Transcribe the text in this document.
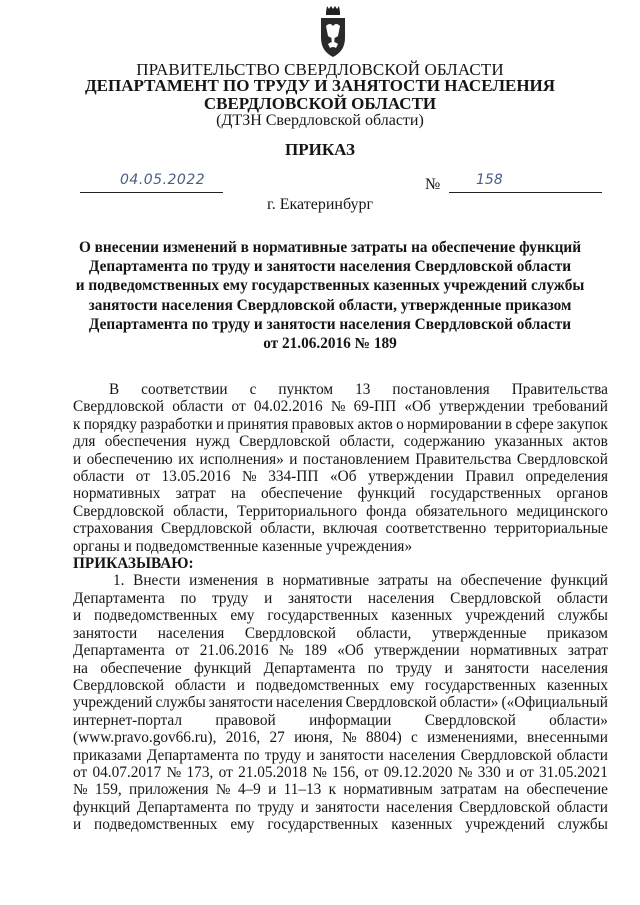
ПРАВИТЕЛЬСТВО СВЕРДЛОВСКОЙ ОБЛАСТИ
ДЕПАРТАМЕНТ ПО ТРУДУ И ЗАНЯТОСТИ НАСЕЛЕНИЯ
СВЕРДЛОВСКОЙ ОБЛАСТИ
(ДТЗН Свердловской области)
ПРИКАЗ
04.05.2022	№	158
г. Екатеринбург
О внесении изменений в нормативные затраты на обеспечение функций
Департамента по труду и занятости населения Свердловской области
и подведомственных ему государственных казенных учреждений службы
занятости населения Свердловской области, утвержденные приказом
Департамента по труду и занятости населения Свердловской области
от 21.06.2016 № 189
В соответствии с пунктом 13 постановления Правительства
Свердловской области от 04.02.2016 № 69-ПП «Об утверждении требований
к порядку разработки и принятия правовых актов о нормировании в сфере закупок
для обеспечения нужд Свердловской области, содержанию указанных актов
и обеспечению их исполнения» и постановлением Правительства Свердловской
области от 13.05.2016 № 334-ПП «Об утверждении Правил определения
нормативных затрат на обеспечение функций государственных органов
Свердловской области, Территориального фонда обязательного медицинского
страхования Свердловской области, включая соответственно территориальные
органы и подведомственные казенные учреждения»
ПРИКАЗЫВАЮ:
1. Внести изменения в нормативные затраты на обеспечение функций
Департамента по труду и занятости населения Свердловской области
и подведомственных ему государственных казенных учреждений службы
занятости населения Свердловской области, утвержденные приказом
Департамента от 21.06.2016 № 189 «Об утверждении нормативных затрат
на обеспечение функций Департамента по труду и занятости населения
Свердловской области и подведомственных ему государственных казенных
учреждений службы занятости населения Свердловской области» («Официальный
интернет-портал правовой информации Свердловской области»
(www.pravo.gov66.ru), 2016, 27 июня, № 8804) с изменениями, внесенными
приказами Департамента по труду и занятости населения Свердловской области
от 04.07.2017 № 173, от 21.05.2018 № 156, от 09.12.2020 № 330 и от 31.05.2021
№ 159, приложения № 4–9 и 11–13 к нормативным затратам на обеспечение
функций Департамента по труду и занятости населения Свердловской области
и подведомственных ему государственных казенных учреждений службы
